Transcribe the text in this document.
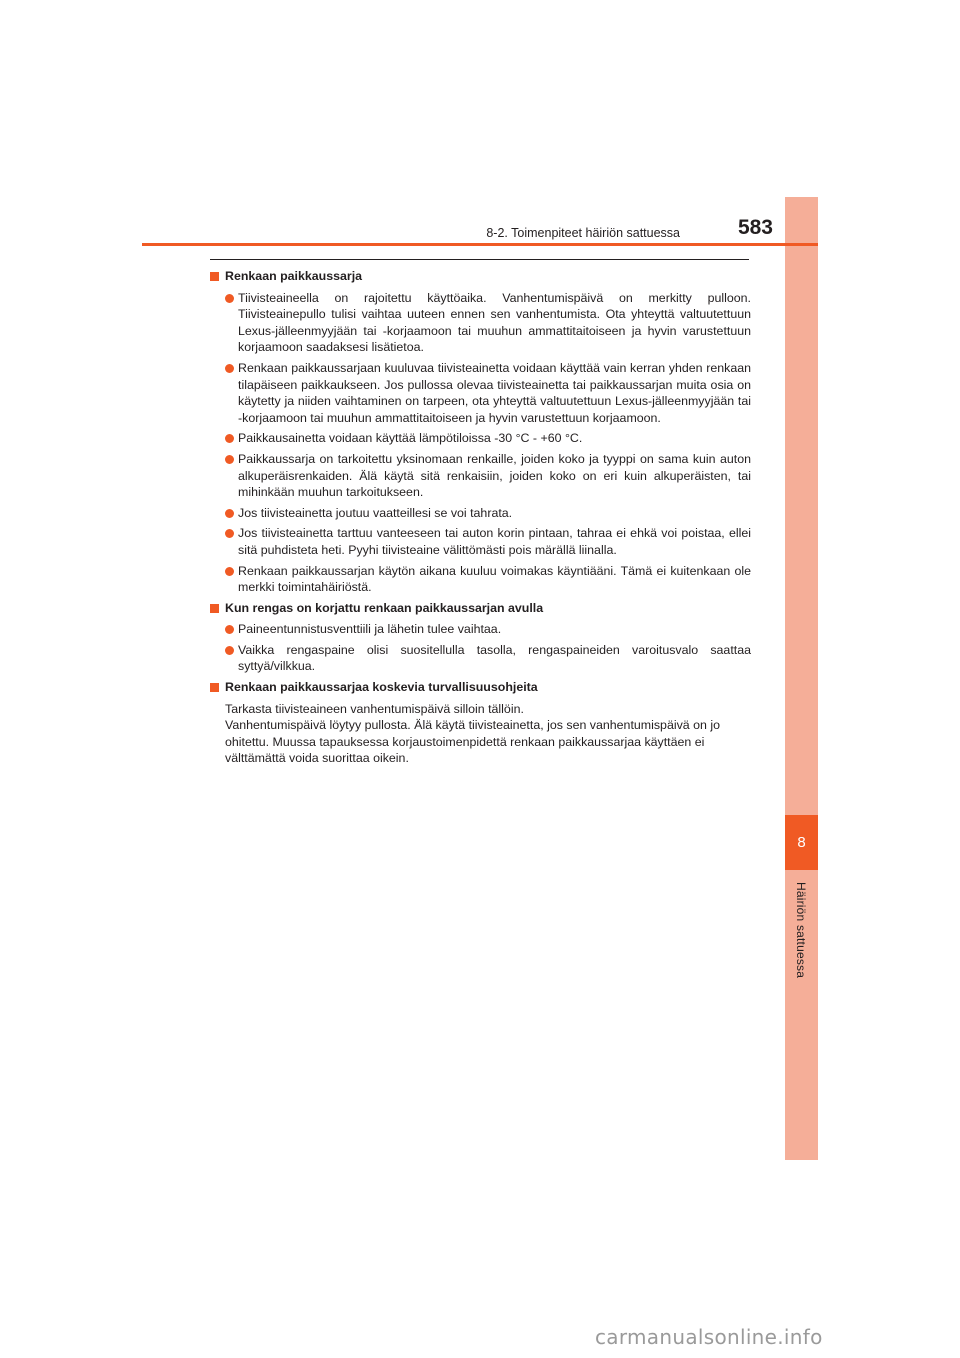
8
Häiriön sattuessa
8-2. Toimenpiteet häiriön sattuessa	583
Renkaan paikkaussarja
Tiivisteaineella on rajoitettu käyttöaika. Vanhentumispäivä on merkitty pulloon. Tiivisteainepullo tulisi vaihtaa uuteen ennen sen vanhentumista. Ota yhteyttä valtuutettuun Lexus-jälleenmyyjään tai -korjaamoon tai muuhun ammattitaitoiseen ja hyvin varustettuun korjaamoon saadaksesi lisätietoa.
Renkaan paikkaussarjaan kuuluvaa tiivisteainetta voidaan käyttää vain kerran yhden renkaan tilapäiseen paikkaukseen. Jos pullossa olevaa tiivisteainetta tai paikkaussarjan muita osia on käytetty ja niiden vaihtaminen on tarpeen, ota yhteyttä valtuutettuun Lexus-jälleenmyyjään tai -korjaamoon tai muuhun ammattitaitoiseen ja hyvin varustettuun korjaamoon.
Paikkausainetta voidaan käyttää lämpötiloissa -30 °C - +60 °C.
Paikkaussarja on tarkoitettu yksinomaan renkaille, joiden koko ja tyyppi on sama kuin auton alkuperäisrenkaiden. Älä käytä sitä renkaisiin, joiden koko on eri kuin alkuperäisten, tai mihinkään muuhun tarkoitukseen.
Jos tiivisteainetta joutuu vaatteillesi se voi tahrata.
Jos tiivisteainetta tarttuu vanteeseen tai auton korin pintaan, tahraa ei ehkä voi poistaa, ellei sitä puhdisteta heti. Pyyhi tiivisteaine välittömästi pois märällä liinalla.
Renkaan paikkaussarjan käytön aikana kuuluu voimakas käyntiääni. Tämä ei kuitenkaan ole merkki toimintahäiriöstä.
Kun rengas on korjattu renkaan paikkaussarjan avulla
Paineentunnistusventtiili ja lähetin tulee vaihtaa.
Vaikka rengaspaine olisi suositellulla tasolla, rengaspaineiden varoitusvalo saattaa syttyä/vilkkua.
Renkaan paikkaussarjaa koskevia turvallisuusohjeita

Tarkasta tiivisteaineen vanhentumispäivä silloin tällöin.

Vanhentumispäivä löytyy pullosta. Älä käytä tiivisteainetta, jos sen vanhentumispäivä on jo ohitettu. Muussa tapauksessa korjaustoimenpidettä renkaan paikkaussarjaa käyttäen ei välttämättä voida suorittaa oikein.

carmanualsonline.info
